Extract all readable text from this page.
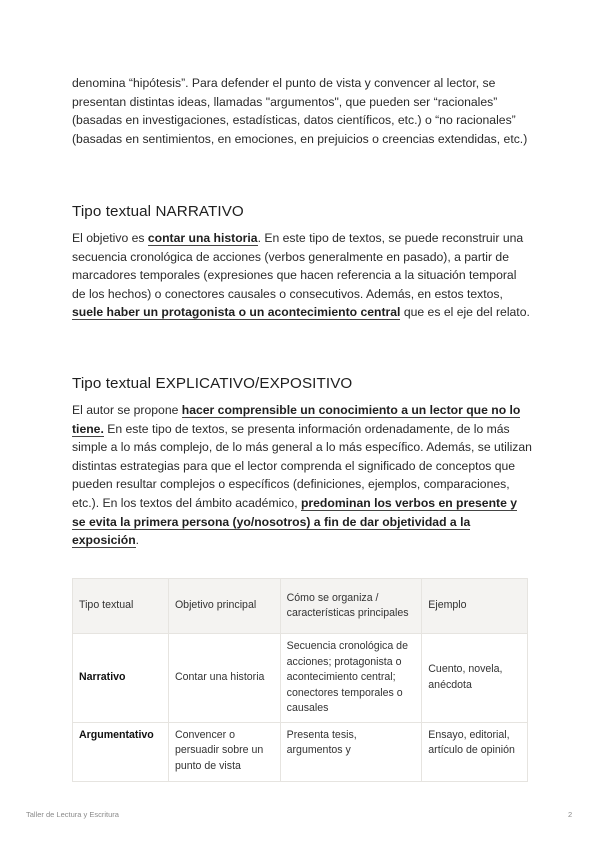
denomina “hipótesis”. Para defender el punto de vista y convencer al lector, se presentan distintas ideas, llamadas "argumentos", que pueden ser “racionales” (basadas en investigaciones, estadísticas, datos científicos, etc.) o “no racionales” (basadas en sentimientos, en emociones, en prejuicios o creencias extendidas, etc.)

Tipo textual NARRATIVO

El objetivo es contar una historia. En este tipo de textos, se puede reconstruir una secuencia cronológica de acciones (verbos generalmente en pasado), a partir de marcadores temporales (expresiones que hacen referencia a la situación temporal de los hechos) o conectores causales o consecutivos. Además, en estos textos, suele haber un protagonista o un acontecimiento central que es el eje del relato.

Tipo textual EXPLICATIVO/EXPOSITIVO

El autor se propone hacer comprensible un conocimiento a un lector que no lo tiene. En este tipo de textos, se presenta información ordenadamente, de lo más simple a lo más complejo, de lo más general a lo más específico. Además, se utilizan distintas estrategias para que el lector comprenda el significado de conceptos que pueden resultar complejos o específicos (definiciones, ejemplos, comparaciones, etc.). En los textos del ámbito académico, predominan los verbos en presente y se evita la primera persona (yo/nosotros) a fin de dar objetividad a la exposición.

Tipo textual	Objetivo principal	Cómo se organiza / características principales	Ejemplo
Narrativo	Contar una historia	Secuencia cronológica de acciones; protagonista o acontecimiento central; conectores temporales o causales	Cuento, novela, anécdota
Argumentativo	Convencer o persuadir sobre un punto de vista	Presenta tesis, argumentos y	Ensayo, editorial, artículo de opinión
Taller de Lectura y Escritura	2
